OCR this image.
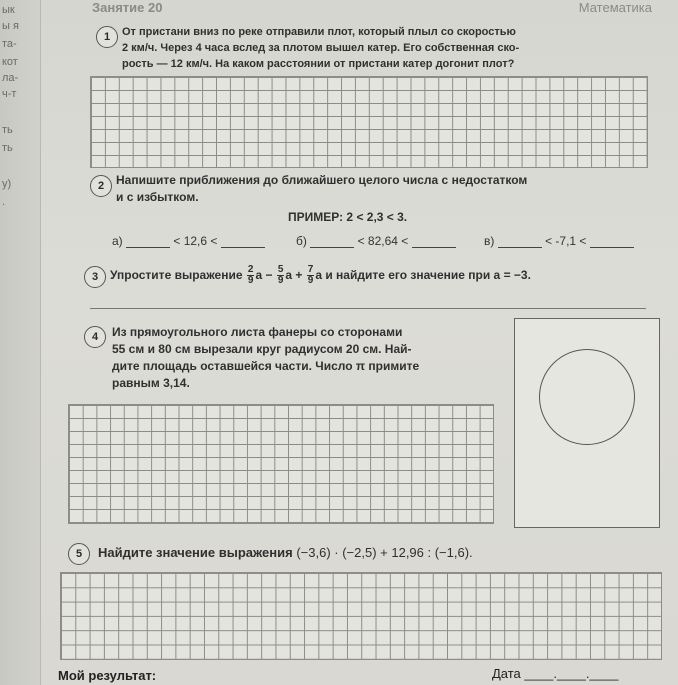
ык
ы я
та-
кот
ла-
ч-т
ть
ть
у)
.
Занятие 20	Математика
1	От пристани вниз по реке отправили плот, который плыл со скоростью
2 км/ч. Через 4 часа вслед за плотом вышел катер. Его собственная ско-
рость — 12 км/ч. На каком расстоянии от пристани катер догонит плот?
2 Напишите приближения до ближайшего целого числа с недостатком
и с избытком.
ПРИМЕР: 2 < 2,3 < 3.
а)	< 12,6 <	б)	< 82,64 <	в)	< -7,1 <
3 Упростите выражение $\frac{2}{9}$ $a - \frac{5}{9}$ $a + \frac{7}{9}$ a и найдите его значение при a = −3.
4	Из прямоугольного листа фанеры со сторонами
55 см и 80 см вырезали круг радиусом 20 см. Най-
дите площадь оставшейся части. Число π примите
равным 3,14.
5	Найдите значение выражения (−3,6) · (−2,5) + 12,96 : (−1,6).
Мой результат:	Дата ____.____.____
